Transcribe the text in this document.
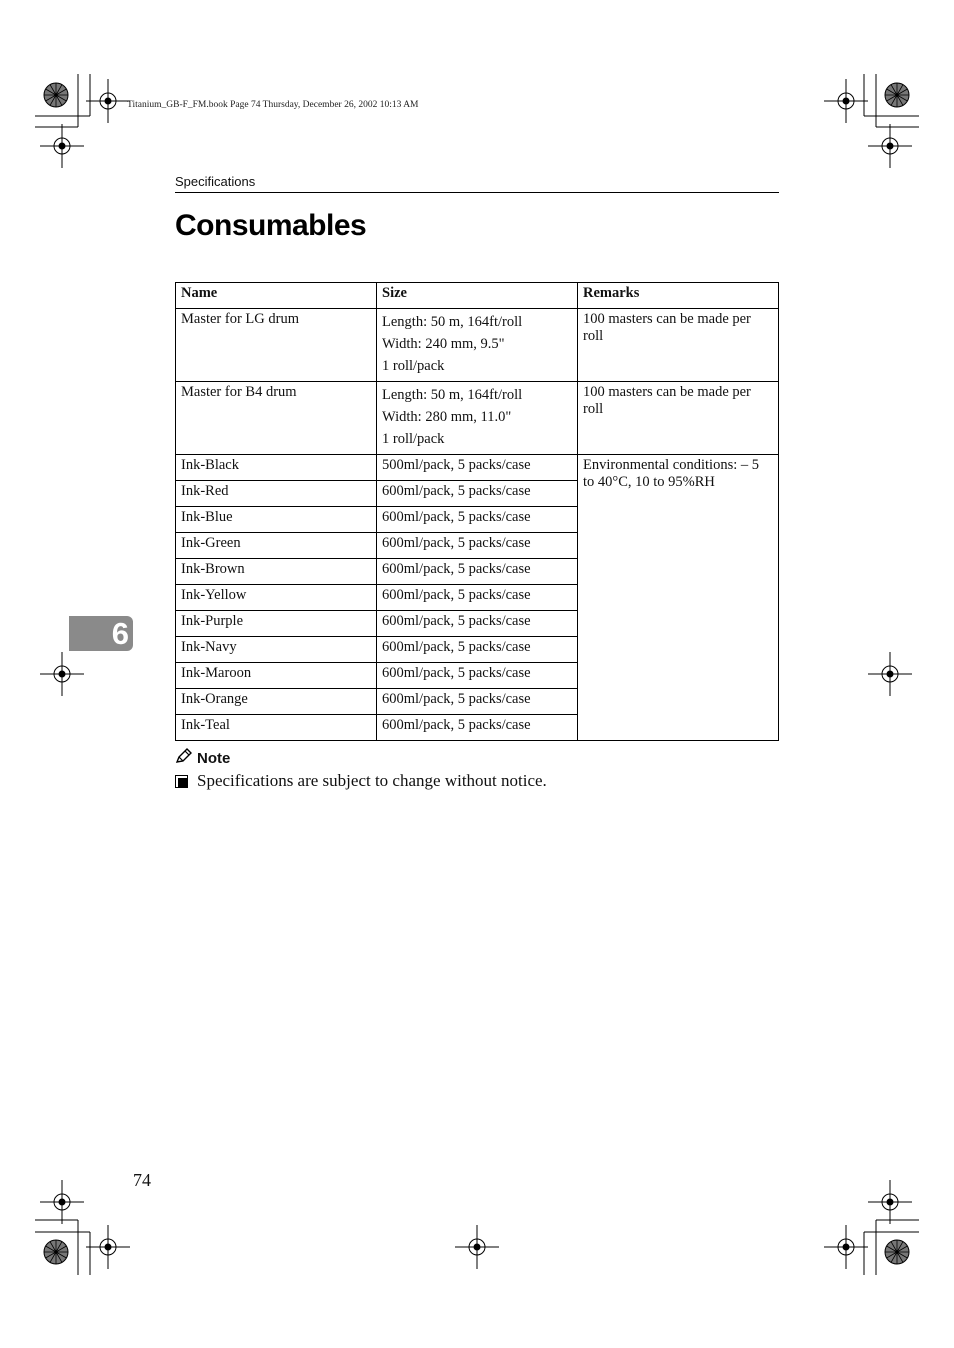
Titanium_GB-F_FM.book Page 74 Thursday, December 26, 2002 10:13 AM
Specifications
Consumables
Name	Size	Remarks
Master for LG drum	Length: 50 m, 164ft/roll
Width: 240 mm, 9.5"
1 roll/pack	100 masters can be made per roll
Master for B4 drum	Length: 50 m, 164ft/roll
Width: 280 mm, 11.0"
1 roll/pack	100 masters can be made per roll
Ink-Black	500ml/pack, 5 packs/case	Environmental conditions: – 5 to 40°C, 10 to 95%RH
Ink-Red	600ml/pack, 5 packs/case	
Ink-Blue	600ml/pack, 5 packs/case	
Ink-Green	600ml/pack, 5 packs/case	
Ink-Brown	600ml/pack, 5 packs/case	
Ink-Yellow	600ml/pack, 5 packs/case	
Ink-Purple	600ml/pack, 5 packs/case	
Ink-Navy	600ml/pack, 5 packs/case	
Ink-Maroon	600ml/pack, 5 packs/case	
Ink-Orange	600ml/pack, 5 packs/case	
Ink-Teal	600ml/pack, 5 packs/case	
6
Note
Specifications are subject to change without notice.
74
